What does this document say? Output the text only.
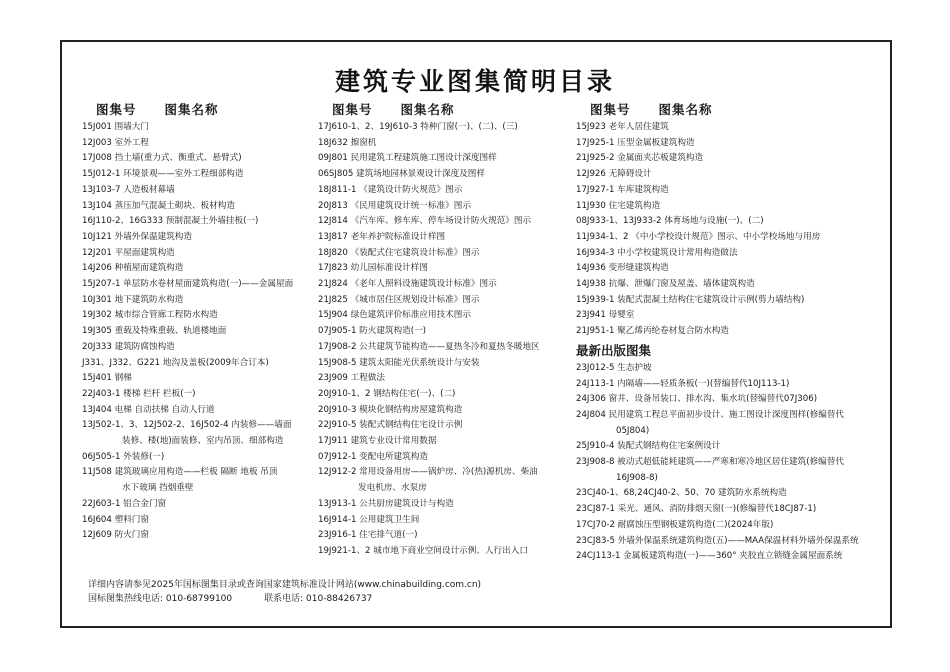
建筑专业图集简明目录
图集号 图集名称
15J001 围墙大门
12J003 室外工程
17J008 挡土墙(重力式、衡重式、悬臂式)
15J012-1 环境景观——室外工程细部构造
13J103-7 人造板材幕墙
13J104 蒸压加气混凝土砌块、板材构造
16J110-2、16G333 预制混凝土外墙挂板(一)
10J121 外墙外保温建筑构造
12J201 平屋面建筑构造
14J206 种植屋面建筑构造
15J207-1 单层防水卷材屋面建筑构造(一)——金属屋面
10J301 地下建筑防水构造
19J302 城市综合管廊工程防水构造
19J305 重载及特殊重载、轨道楼地面
20J333 建筑防腐蚀构造
J331、J332、G221 地沟及盖板(2009年合订本)
15J401 钢梯
22J403-1 楼梯 栏杆 栏板(一)
13J404 电梯 自动扶梯 自动人行道
13J502-1、3、12J502-2、16J502-4 内装修——墙面
装修、楼(地)面装修、室内吊顶、细部构造
06J505-1 外装修(一)
11J508 建筑玻璃应用构造——栏板 隔断 地板 吊顶
水下玻璃 挡烟垂壁
22J603-1 铝合金门窗
16J604 塑料门窗
12J609 防火门窗
图集号 图集名称
17J610-1、2、19J610-3 特种门窗(一)、(二)、(三)
18J632 擦窗机
09J801 民用建筑工程建筑施工图设计深度图样
06SJ805 建筑场地园林景观设计深度及图样
18J811-1 《建筑设计防火规范》图示
20J813 《民用建筑设计统一标准》图示
12J814 《汽车库、修车库、停车场设计防火规范》图示
13J817 老年养护院标准设计样图
18J820 《装配式住宅建筑设计标准》图示
17J823 幼儿园标准设计样图
21J824 《老年人照料设施建筑设计标准》图示
21J825 《城市居住区规划设计标准》图示
15J904 绿色建筑评价标准应用技术图示
07J905-1 防火建筑构造(一)
17J908-2 公共建筑节能构造——夏热冬冷和夏热冬暖地区
15J908-5 建筑太阳能光伏系统设计与安装
23J909 工程做法
20J910-1、2 钢结构住宅(一)、(二)
20J910-3 模块化钢结构房屋建筑构造
22J910-5 装配式钢结构住宅设计示例
17J911 建筑专业设计常用数据
07J912-1 变配电所建筑构造
12J912-2 常用设备用房——锅炉房、冷(热)源机房、柴油
发电机房、水泵房
13J913-1 公共厨房建筑设计与构造
16J914-1 公用建筑卫生间
23J916-1 住宅排气道(一)
19J921-1、2 城市地下商业空间设计示例、人行出入口
图集号 图集名称
15J923 老年人居住建筑
17J925-1 压型金属板建筑构造
21J925-2 金属面夹芯板建筑构造
12J926 无障碍设计
17J927-1 车库建筑构造
11J930 住宅建筑构造
08J933-1、13J933-2 体育场地与设施(一)、(二)
11J934-1、2 《中小学校设计规范》图示、中小学校场地与用房
16J934-3 中小学校建筑设计常用构造做法
14J936 变形缝建筑构造
14J938 抗爆、泄爆门窗及屋盖、墙体建筑构造
15J939-1 装配式混凝土结构住宅建筑设计示例(剪力墙结构)
23J941 母婴室
21J951-1 聚乙烯丙纶卷材复合防水构造
最新出版图集
23J012-5 生态护坡
24J113-1 内隔墙——轻质条板(一)(替编替代10J113-1)
24J306 窗井、设备吊装口、排水沟、集水坑(替编替代07J306)
24J804 民用建筑工程总平面初步设计、施工图设计深度图样(修编替代
05J804)
25J910-4 装配式钢结构住宅案例设计
23J908-8 被动式超低能耗建筑——严寒和寒冷地区居住建筑(修编替代
16J908-8)
23CJ40-1、68,24CJ40-2、50、70 建筑防水系统构造
23CJ87-1 采光、通风、消防排烟天窗(一)(修编替代18CJ87-1)
17CJ70-2 耐腐蚀压型钢板建筑构造(二)(2024年版)
23CJ83-5 外墙外保温系统建筑构造(五)——MAA保温材料外墙外保温系统
24CJ113-1 金属板建筑构造(一)——360° 夹胶直立锁缝金属屋面系统
详细内容请参见2025年国标图集目录或查询国家建筑标准设计网站(www.chinabuilding.com.cn)
国标图集热线电话: 010-68799100	联系电话: 010-88426737
